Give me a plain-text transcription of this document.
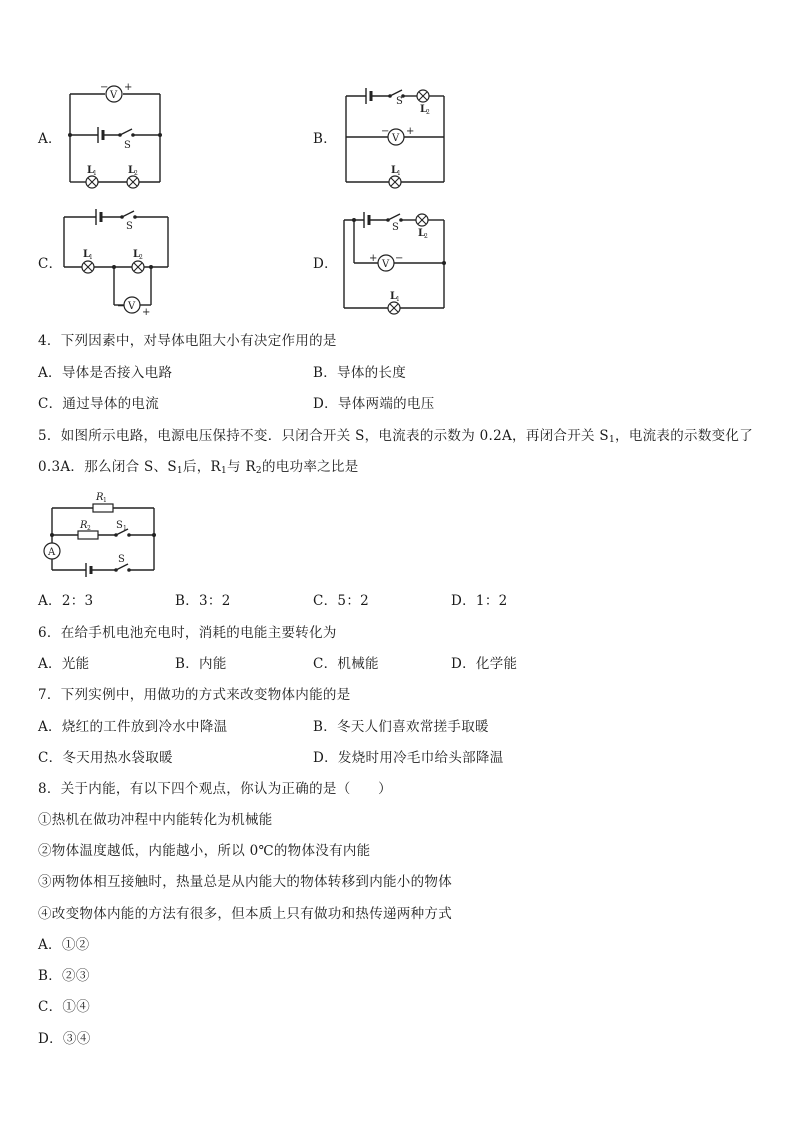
A．	B．
C．	D．
V
− +
S
L
1	L
2
S
L
2
V
− +
L
1
S
L
1	L
2
V
−
+
S
L
2
V
+ −
L
1
4．下列因素中，对导体电阻大小有决定作用的是
A．导体是否接入电路	B．导体的长度
C．通过导体的电流	D．导体两端的电压
5．如图所示电路，电源电压保持不变．只闭合开关 S，电流表的示数为 0.2A，再闭合开关 $S_1$，电流表的示数变化了
0.3A．那么闭合 S、$S_1$后，$R_1$与 $R_2$的电功率之比是
R 1
R 2	S 1
A
S
A．2：3	B．3：2	C．5：2	D．1：2
6．在给手机电池充电时，消耗的电能主要转化为
A．光能	B．内能	C．机械能	D．化学能
7．下列实例中，用做功的方式来改变物体内能的是
A．烧红的工件放到冷水中降温	B．冬天人们喜欢常搓手取暖
C．冬天用热水袋取暖	D．发烧时用冷毛巾给头部降温
8．关于内能，有以下四个观点，你认为正确的是（　　）
①热机在做功冲程中内能转化为机械能
②物体温度越低，内能越小，所以 0℃的物体没有内能
③两物体相互接触时，热量总是从内能大的物体转移到内能小的物体
④改变物体内能的方法有很多，但本质上只有做功和热传递两种方式
A．①②
B．②③
C．①④
D．③④
